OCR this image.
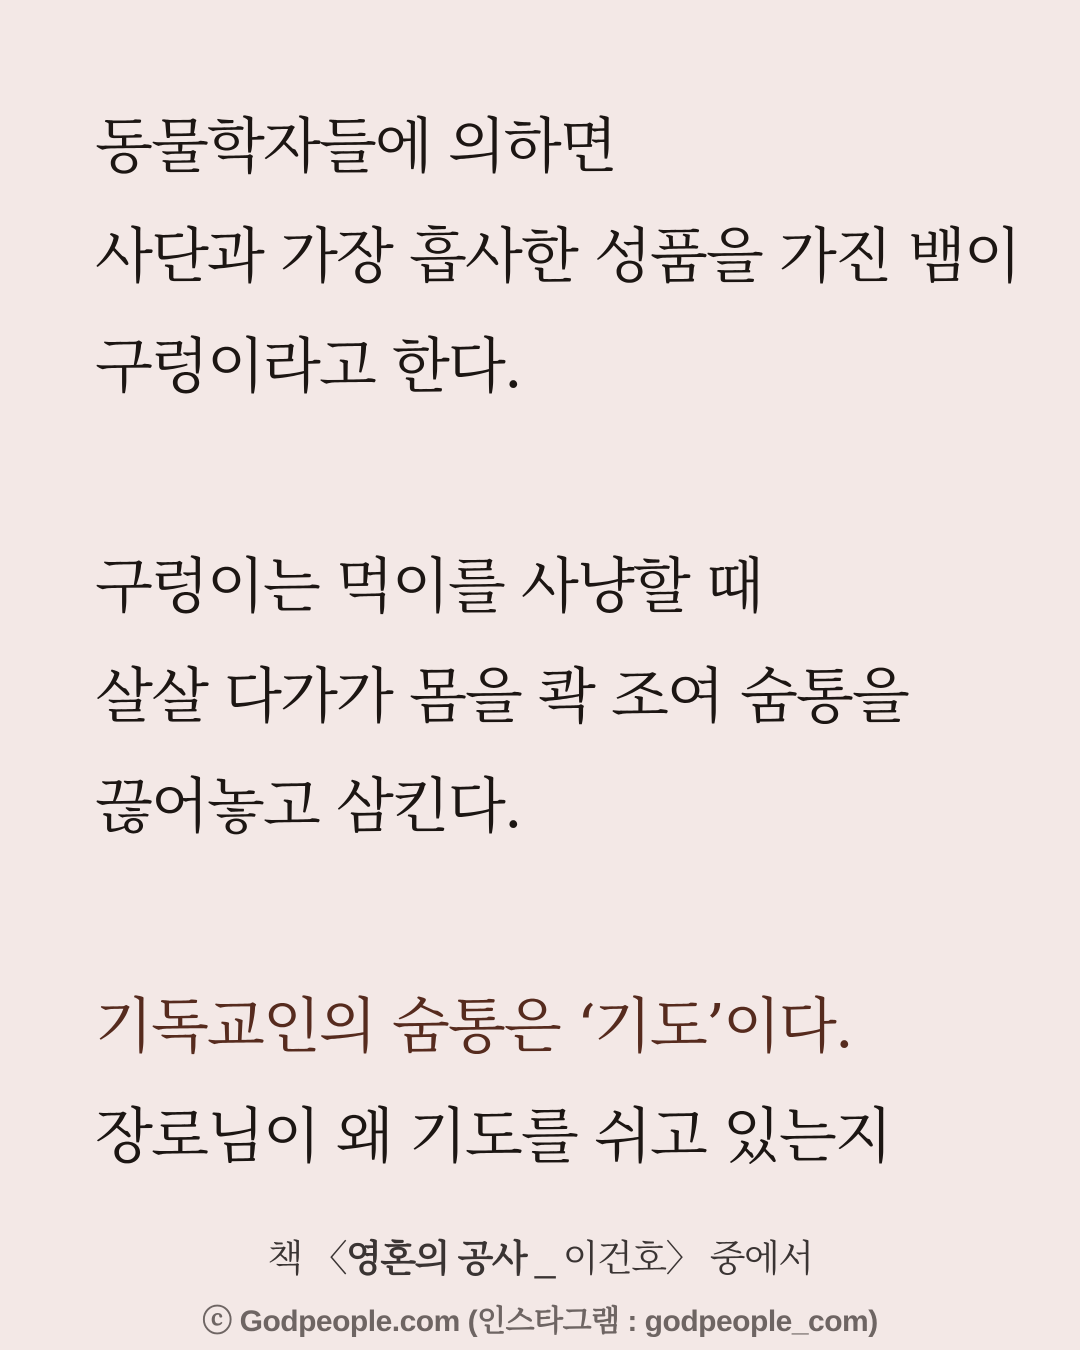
동물학자들에 의하면
사단과 가장 흡사한 성품을 가진 뱀이
구렁이라고 한다.
구렁이는 먹이를 사냥할 때
살살 다가가 몸을 콱 조여 숨통을
끊어놓고 삼킨다.
기독교인의 숨통은 ‘기도’이다.
장로님이 왜 기도를 쉬고 있는지
책 〈영혼의 공사 _ 이건호〉 중에서
ⓒ Godpeople.com (인스타그램 : godpeople_com)
